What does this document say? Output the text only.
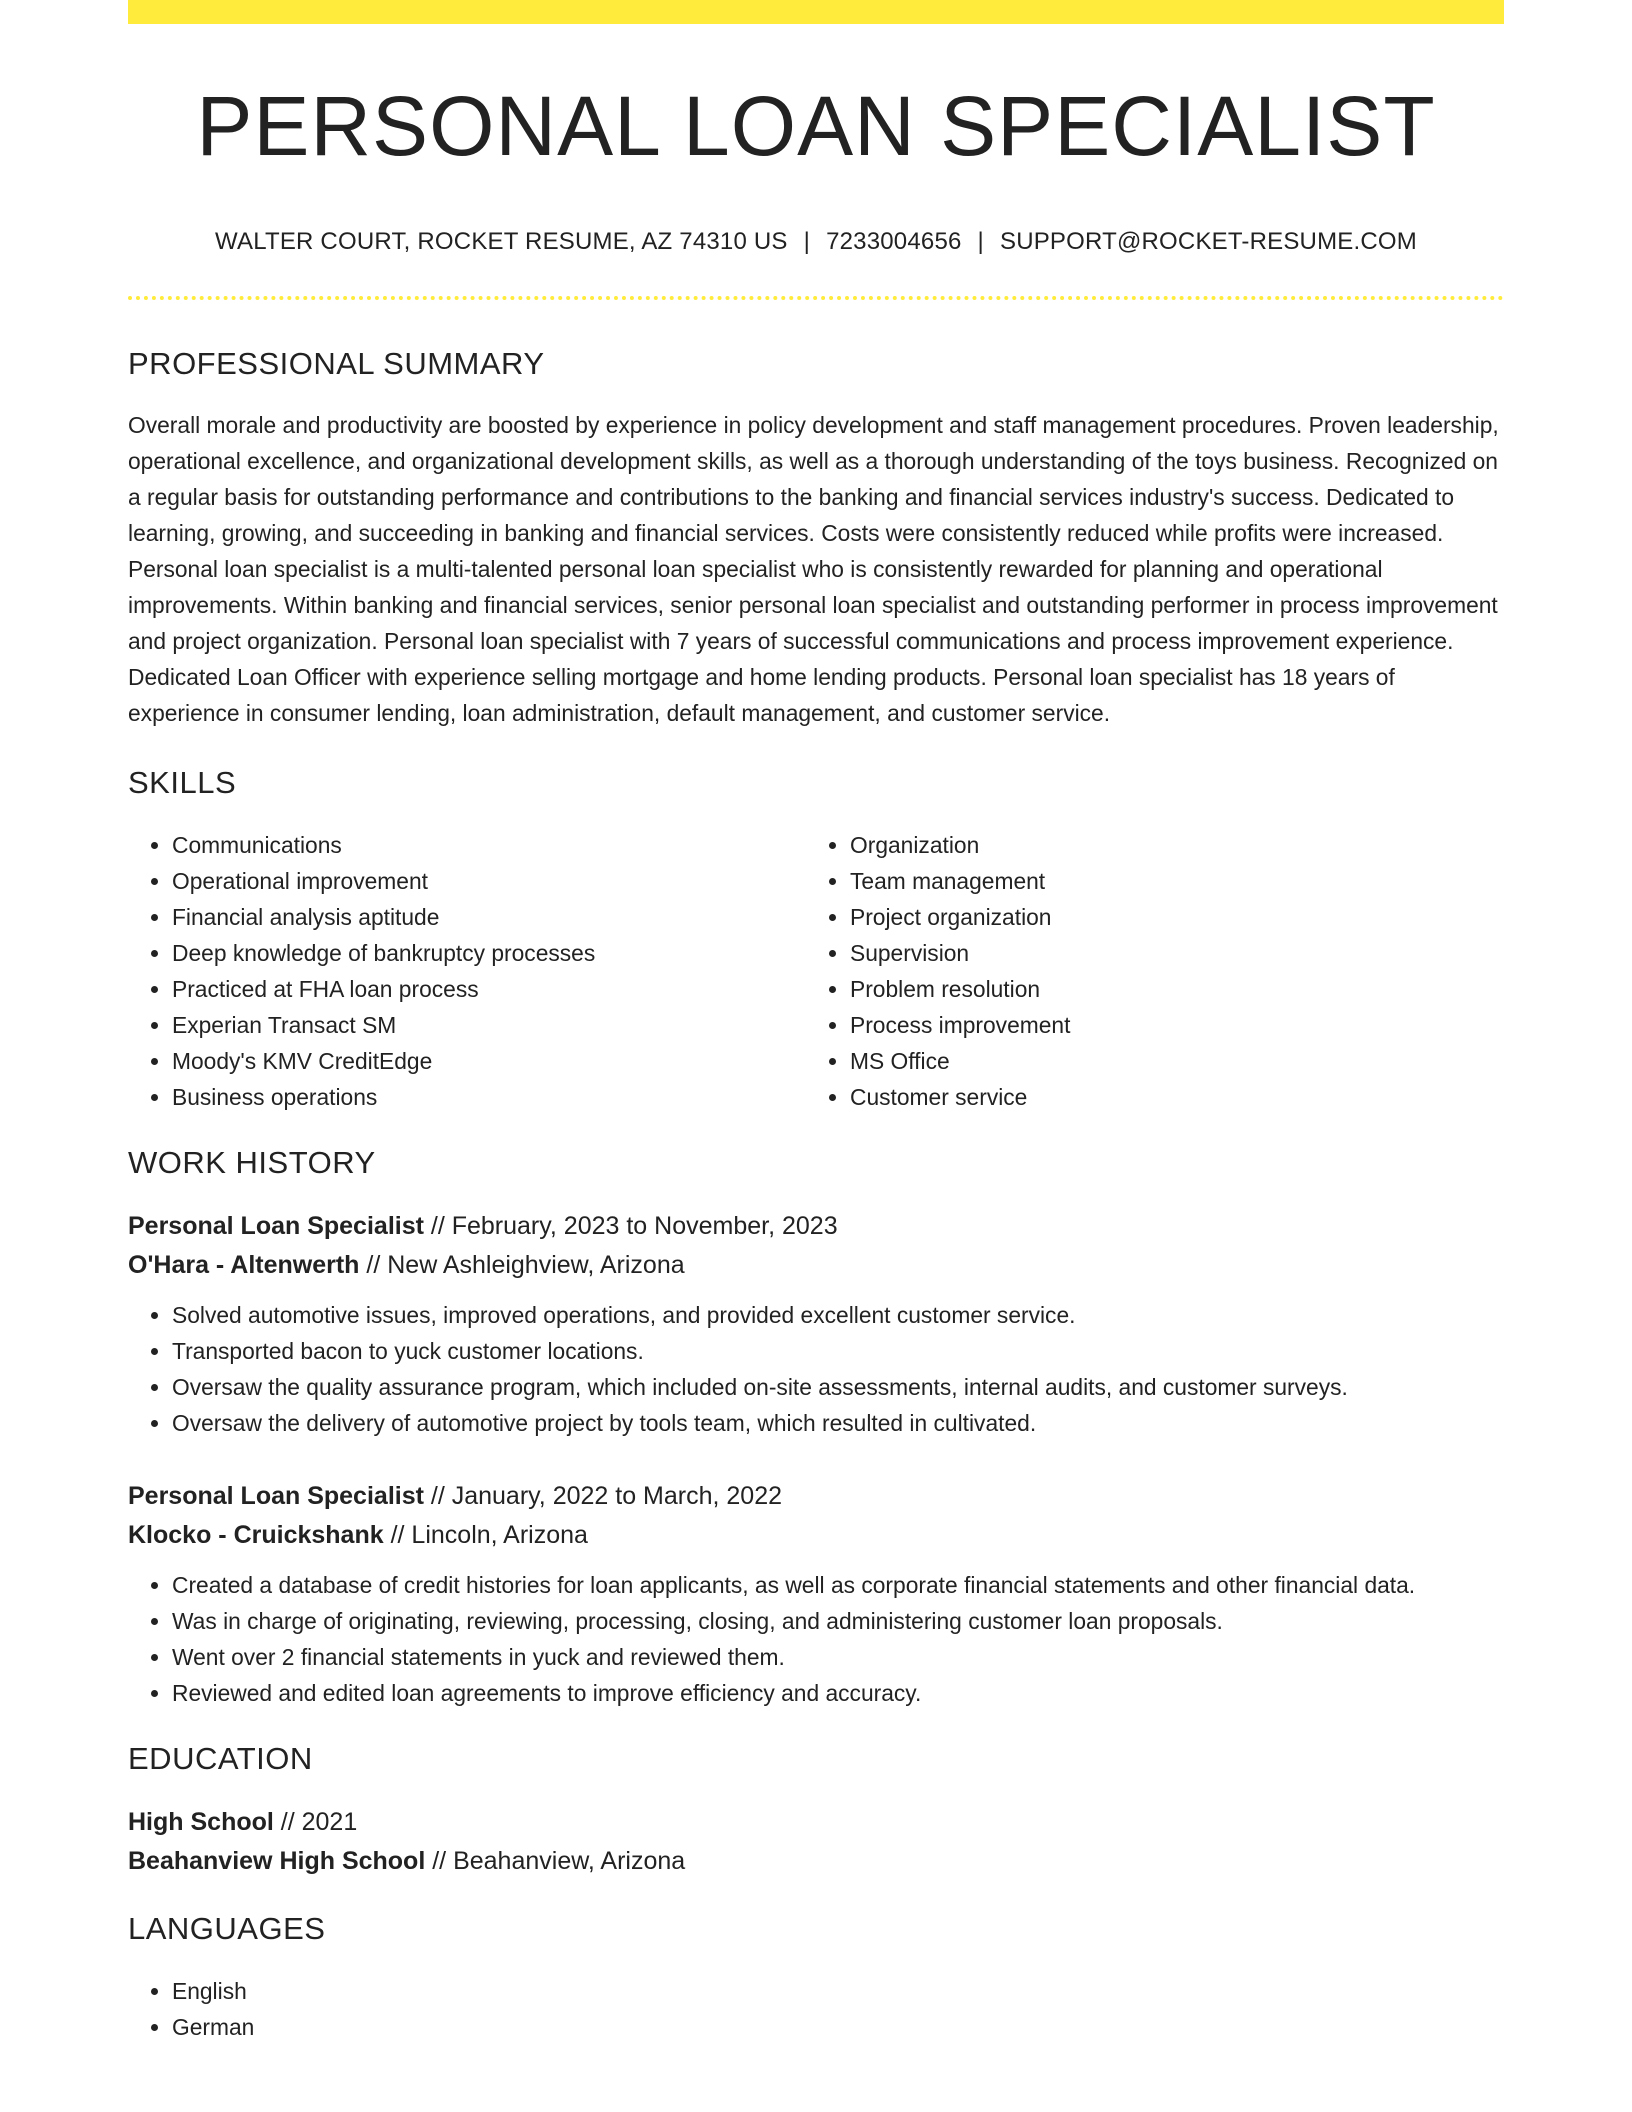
PERSONAL LOAN SPECIALIST
WALTER COURT, ROCKET RESUME, AZ 74310 US | 7233004656 | SUPPORT@ROCKET-RESUME.COM
PROFESSIONAL SUMMARY
Overall morale and productivity are boosted by experience in policy development and staff management procedures. Proven leadership, operational excellence, and organizational development skills, as well as a thorough understanding of the toys business. Recognized on a regular basis for outstanding performance and contributions to the banking and financial services industry's success. Dedicated to learning, growing, and succeeding in banking and financial services. Costs were consistently reduced while profits were increased. Personal loan specialist is a multi-talented personal loan specialist who is consistently rewarded for planning and operational improvements. Within banking and financial services, senior personal loan specialist and outstanding performer in process improvement and project organization. Personal loan specialist with 7 years of successful communications and process improvement experience. Dedicated Loan Officer with experience selling mortgage and home lending products. Personal loan specialist has 18 years of experience in consumer lending, loan administration, default management, and customer service.
SKILLS
• Communications
• Operational improvement
• Financial analysis aptitude
• Deep knowledge of bankruptcy processes
• Practiced at FHA loan process
• Experian Transact SM
• Moody's KMV CreditEdge
• Business operations
• Organization
• Team management
• Project organization
• Supervision
• Problem resolution
• Process improvement
• MS Office
• Customer service
WORK HISTORY
Personal Loan Specialist // February, 2023 to November, 2023
O'Hara - Altenwerth // New Ashleighview, Arizona
• Solved automotive issues, improved operations, and provided excellent customer service.
• Transported bacon to yuck customer locations.
• Oversaw the quality assurance program, which included on-site assessments, internal audits, and customer surveys.
• Oversaw the delivery of automotive project by tools team, which resulted in cultivated.
Personal Loan Specialist // January, 2022 to March, 2022
Klocko - Cruickshank // Lincoln, Arizona
• Created a database of credit histories for loan applicants, as well as corporate financial statements and other financial data.
• Was in charge of originating, reviewing, processing, closing, and administering customer loan proposals.
• Went over 2 financial statements in yuck and reviewed them.
• Reviewed and edited loan agreements to improve efficiency and accuracy.
EDUCATION
High School // 2021
Beahanview High School // Beahanview, Arizona
LANGUAGES
• English
• German
